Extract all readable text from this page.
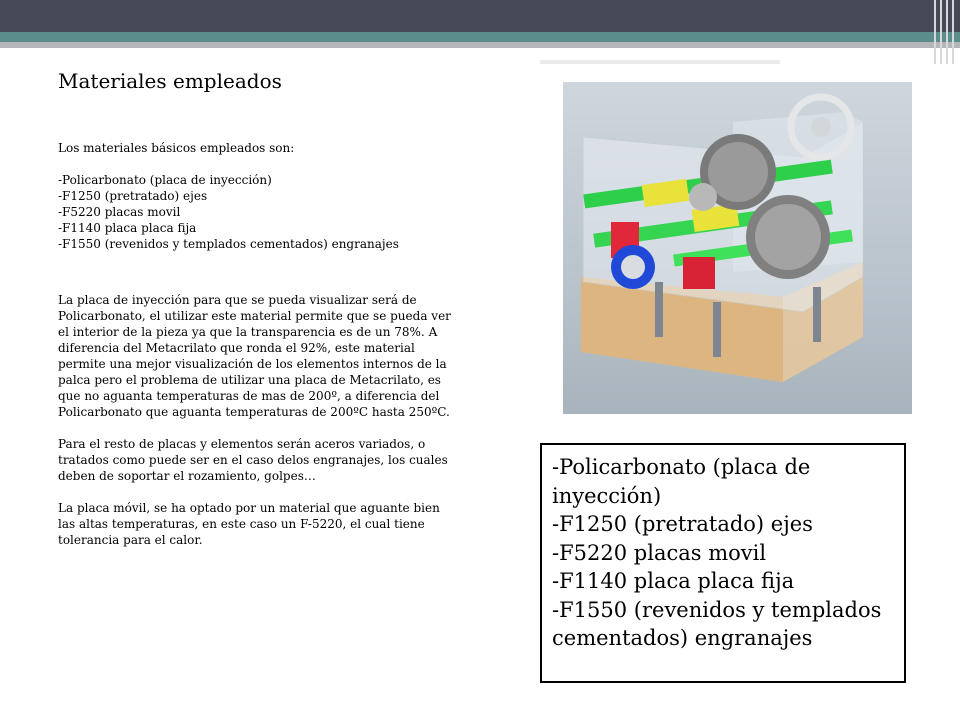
Materiales empleados

Los materiales básicos empleados son:

-Policarbonato (placa de inyección)

-F1250 (pretratado) ejes

-F5220 placas movil

-F1140 placa placa fija

-F1550 (revenidos y templados cementados) engranajes

La placa de inyección para que se pueda visualizar será de Policarbonato, el utilizar este material permite que se pueda ver el interior de la pieza ya que la transparencia es de un 78%. A diferencia del Metacrilato que ronda el 92%, este material permite una mejor visualización de los elementos internos de la palca pero el problema de utilizar una placa de Metacrilato, es que no aguanta temperaturas de mas de 200º, a diferencia del Policarbonato que aguanta temperaturas de 200ºC hasta 250ºC.

Para el resto de placas y elementos serán aceros variados, o tratados como puede ser en el caso delos engranajes, los cuales deben de soportar el rozamiento, golpes…

La placa móvil, se ha optado por un material que aguante bien las altas temperaturas, en este caso un F-5220, el cual tiene tolerancia para el calor.

-Policarbonato (placa de inyección)

-F1250 (pretratado) ejes

-F5220 placas movil

-F1140 placa placa fija

-F1550 (revenidos y templados cementados) engranajes
